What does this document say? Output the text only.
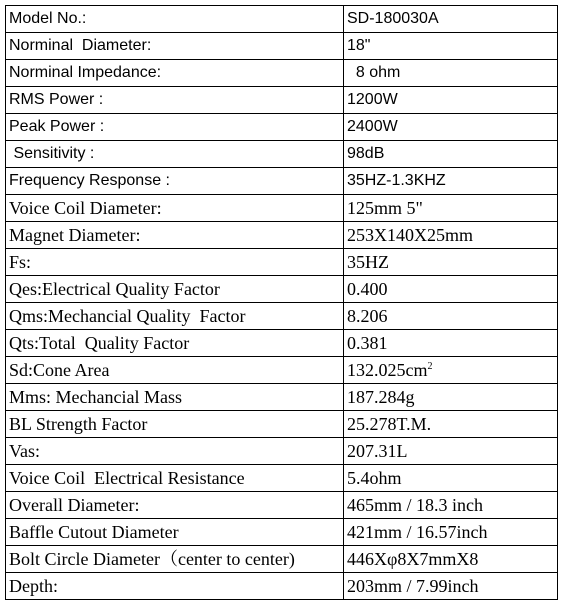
Model No.:	SD-180030A
Norminal  Diameter:	18"
Norminal Impedance:	8 ohm
RMS Power :	1200W
Peak Power :	2400W
Sensitivity :	98dB
Frequency Response :	35HZ-1.3KHZ
Voice Coil Diameter:	125mm 5"
Magnet Diameter:	253X140X25mm
Fs:	35HZ
Qes:Electrical Quality Factor	0.400
Qms:Mechancial Quality  Factor	8.206
Qts:Total  Quality Factor	0.381
Sd:Cone Area	$132.025cm^2$
Mms: Mechancial Mass	187.284g
BL Strength Factor	25.278T.M.
Vas:	207.31L
Voice Coil  Electrical Resistance	5.4ohm
Overall Diameter:	465mm / 18.3 inch
Baffle Cutout Diameter	421mm / 16.57inch
Bolt Circle Diameter（center to center)	446Xφ8X7mmX8
Depth:	203mm / 7.99inch
